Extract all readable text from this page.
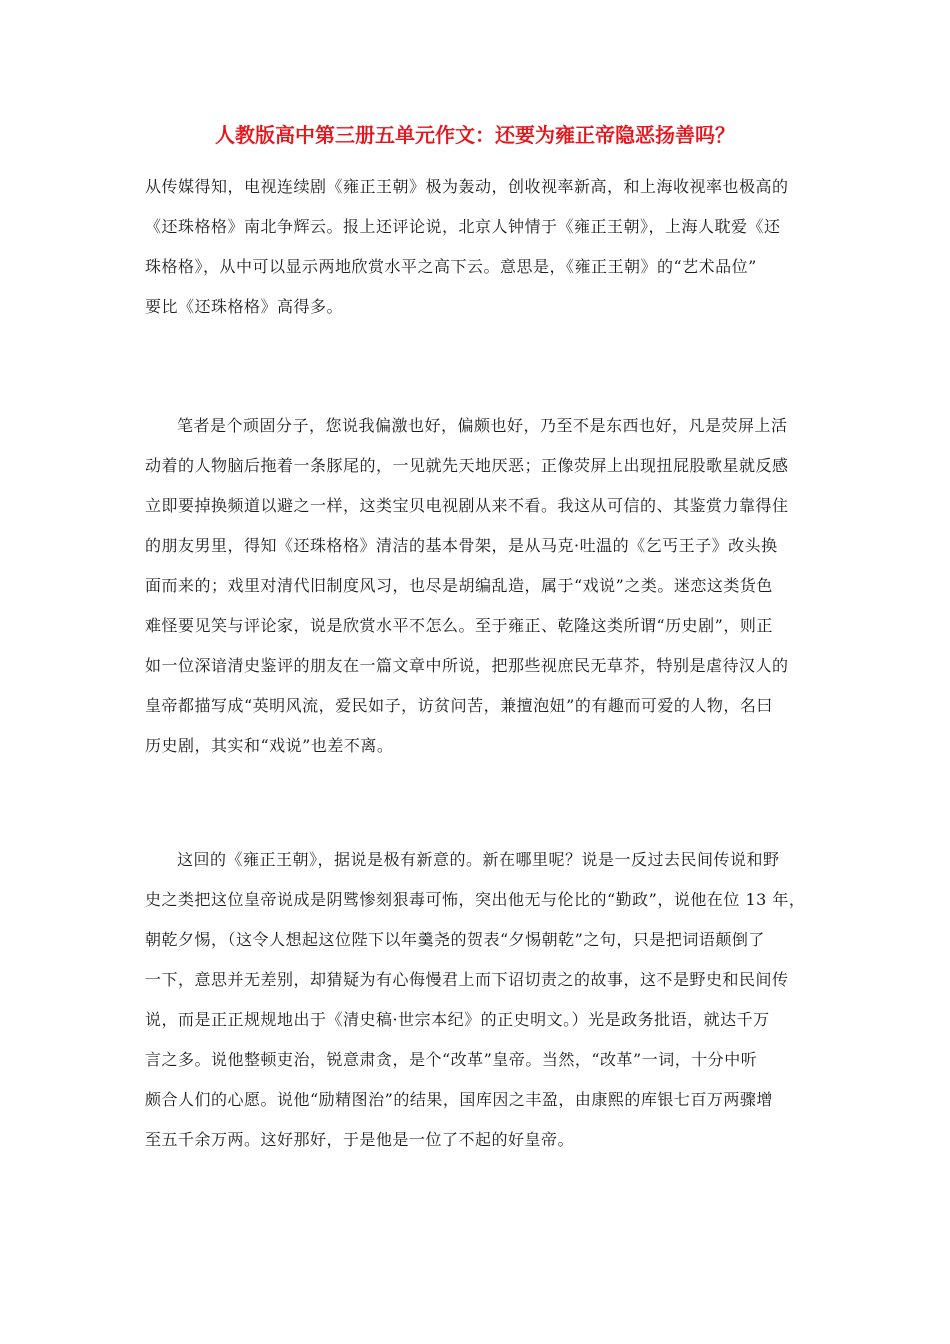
人教版高中第三册五单元作文：还要为雍正帝隐恶扬善吗？
从传媒得知，电视连续剧《雍正王朝》极为轰动，创收视率新高，和上海收视率也极高的
《还珠格格》南北争辉云。报上还评论说，北京人钟情于《雍正王朝》，上海人耽爱《还
珠格格》，从中可以显示两地欣赏水平之高下云。意思是，《雍正王朝》的“艺术品位”
要比《还珠格格》高得多。
笔者是个顽固分子，您说我偏激也好，偏颇也好，乃至不是东西也好，凡是荧屏上活
动着的人物脑后拖着一条豚尾的，一见就先天地厌恶；正像荧屏上出现扭屁股歌星就反感
立即要掉换频道以避之一样，这类宝贝电视剧从来不看。我这从可信的、其鉴赏力靠得住
的朋友男里，得知《还珠格格》清洁的基本骨架，是从马克·吐温的《乞丐王子》改头换
面而来的；戏里对清代旧制度风习，也尽是胡编乱造，属于“戏说”之类。迷恋这类货色
难怪要见笑与评论家，说是欣赏水平不怎么。至于雍正、乾隆这类所谓“历史剧”，则正
如一位深谙清史鉴评的朋友在一篇文章中所说，把那些视庶民无草芥，特别是虐待汉人的
皇帝都描写成“英明风流，爱民如子，访贫问苦，兼擅泡妞”的有趣而可爱的人物，名曰
历史剧，其实和“戏说”也差不离。
这回的《雍正王朝》，据说是极有新意的。新在哪里呢？说是一反过去民间传说和野
史之类把这位皇帝说成是阴骘惨刻狠毒可怖，突出他无与伦比的“勤政”，说他在位 13 年，
朝乾夕惕，（这令人想起这位陛下以年羹尧的贺表“夕惕朝乾”之句，只是把词语颠倒了
一下，意思并无差别，却猜疑为有心侮慢君上而下诏切责之的故事，这不是野史和民间传
说，而是正正规规地出于《清史稿·世宗本纪》的正史明文。）光是政务批语，就达千万
言之多。说他整顿吏治，锐意肃贪，是个“改革”皇帝。当然，“改革”一词，十分中听
颇合人们的心愿。说他“励精图治”的结果，国库因之丰盈，由康熙的库银七百万两骤增
至五千余万两。这好那好，于是他是一位了不起的好皇帝。
